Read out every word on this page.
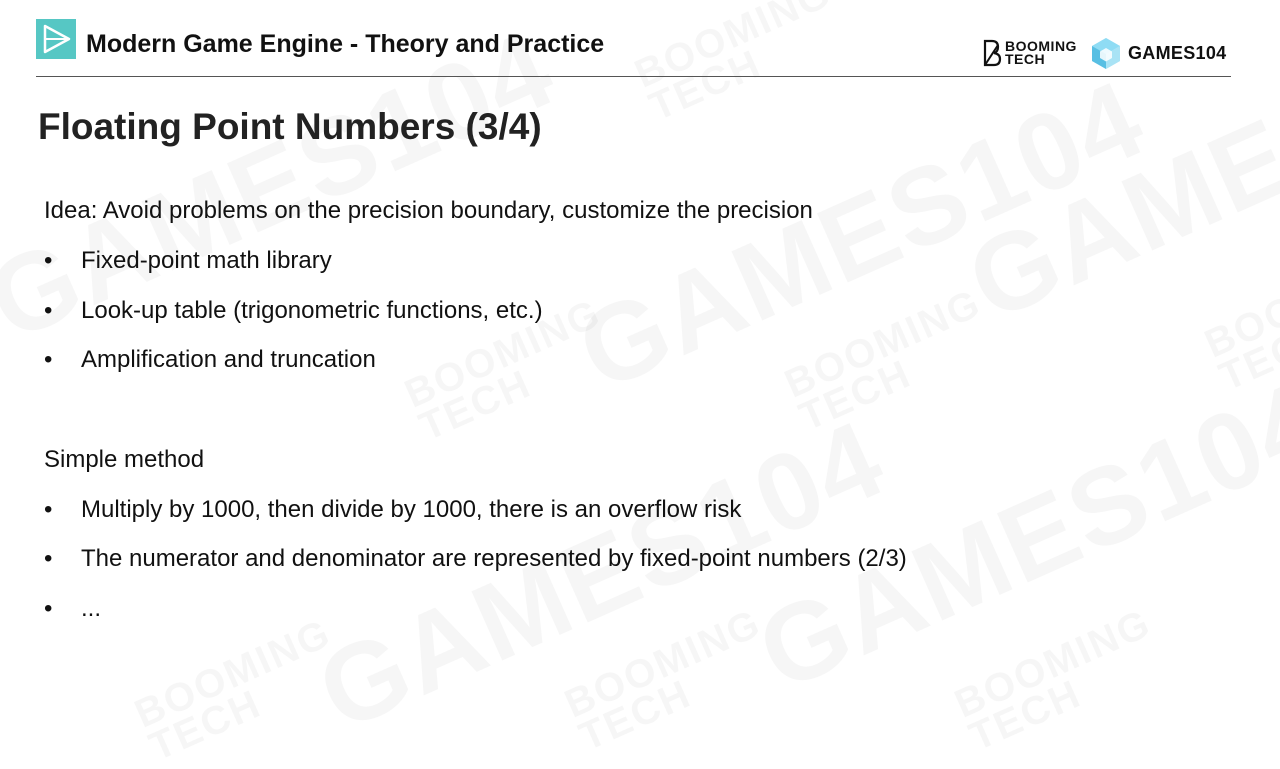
Modern Game Engine - Theory and Practice	BOOMING
TECH	GAMES104
Floating Point Numbers (3/4)
Idea: Avoid problems on the precision boundary, customize the precision
•	Fixed-point math library
•	Look-up table (trigonometric functions, etc.)
•	Amplification and truncation
Simple method
•	Multiply by 1000, then divide by 1000, there is an overflow risk
•	The numerator and denominator are represented by fixed-point numbers (2/3)
•	...
